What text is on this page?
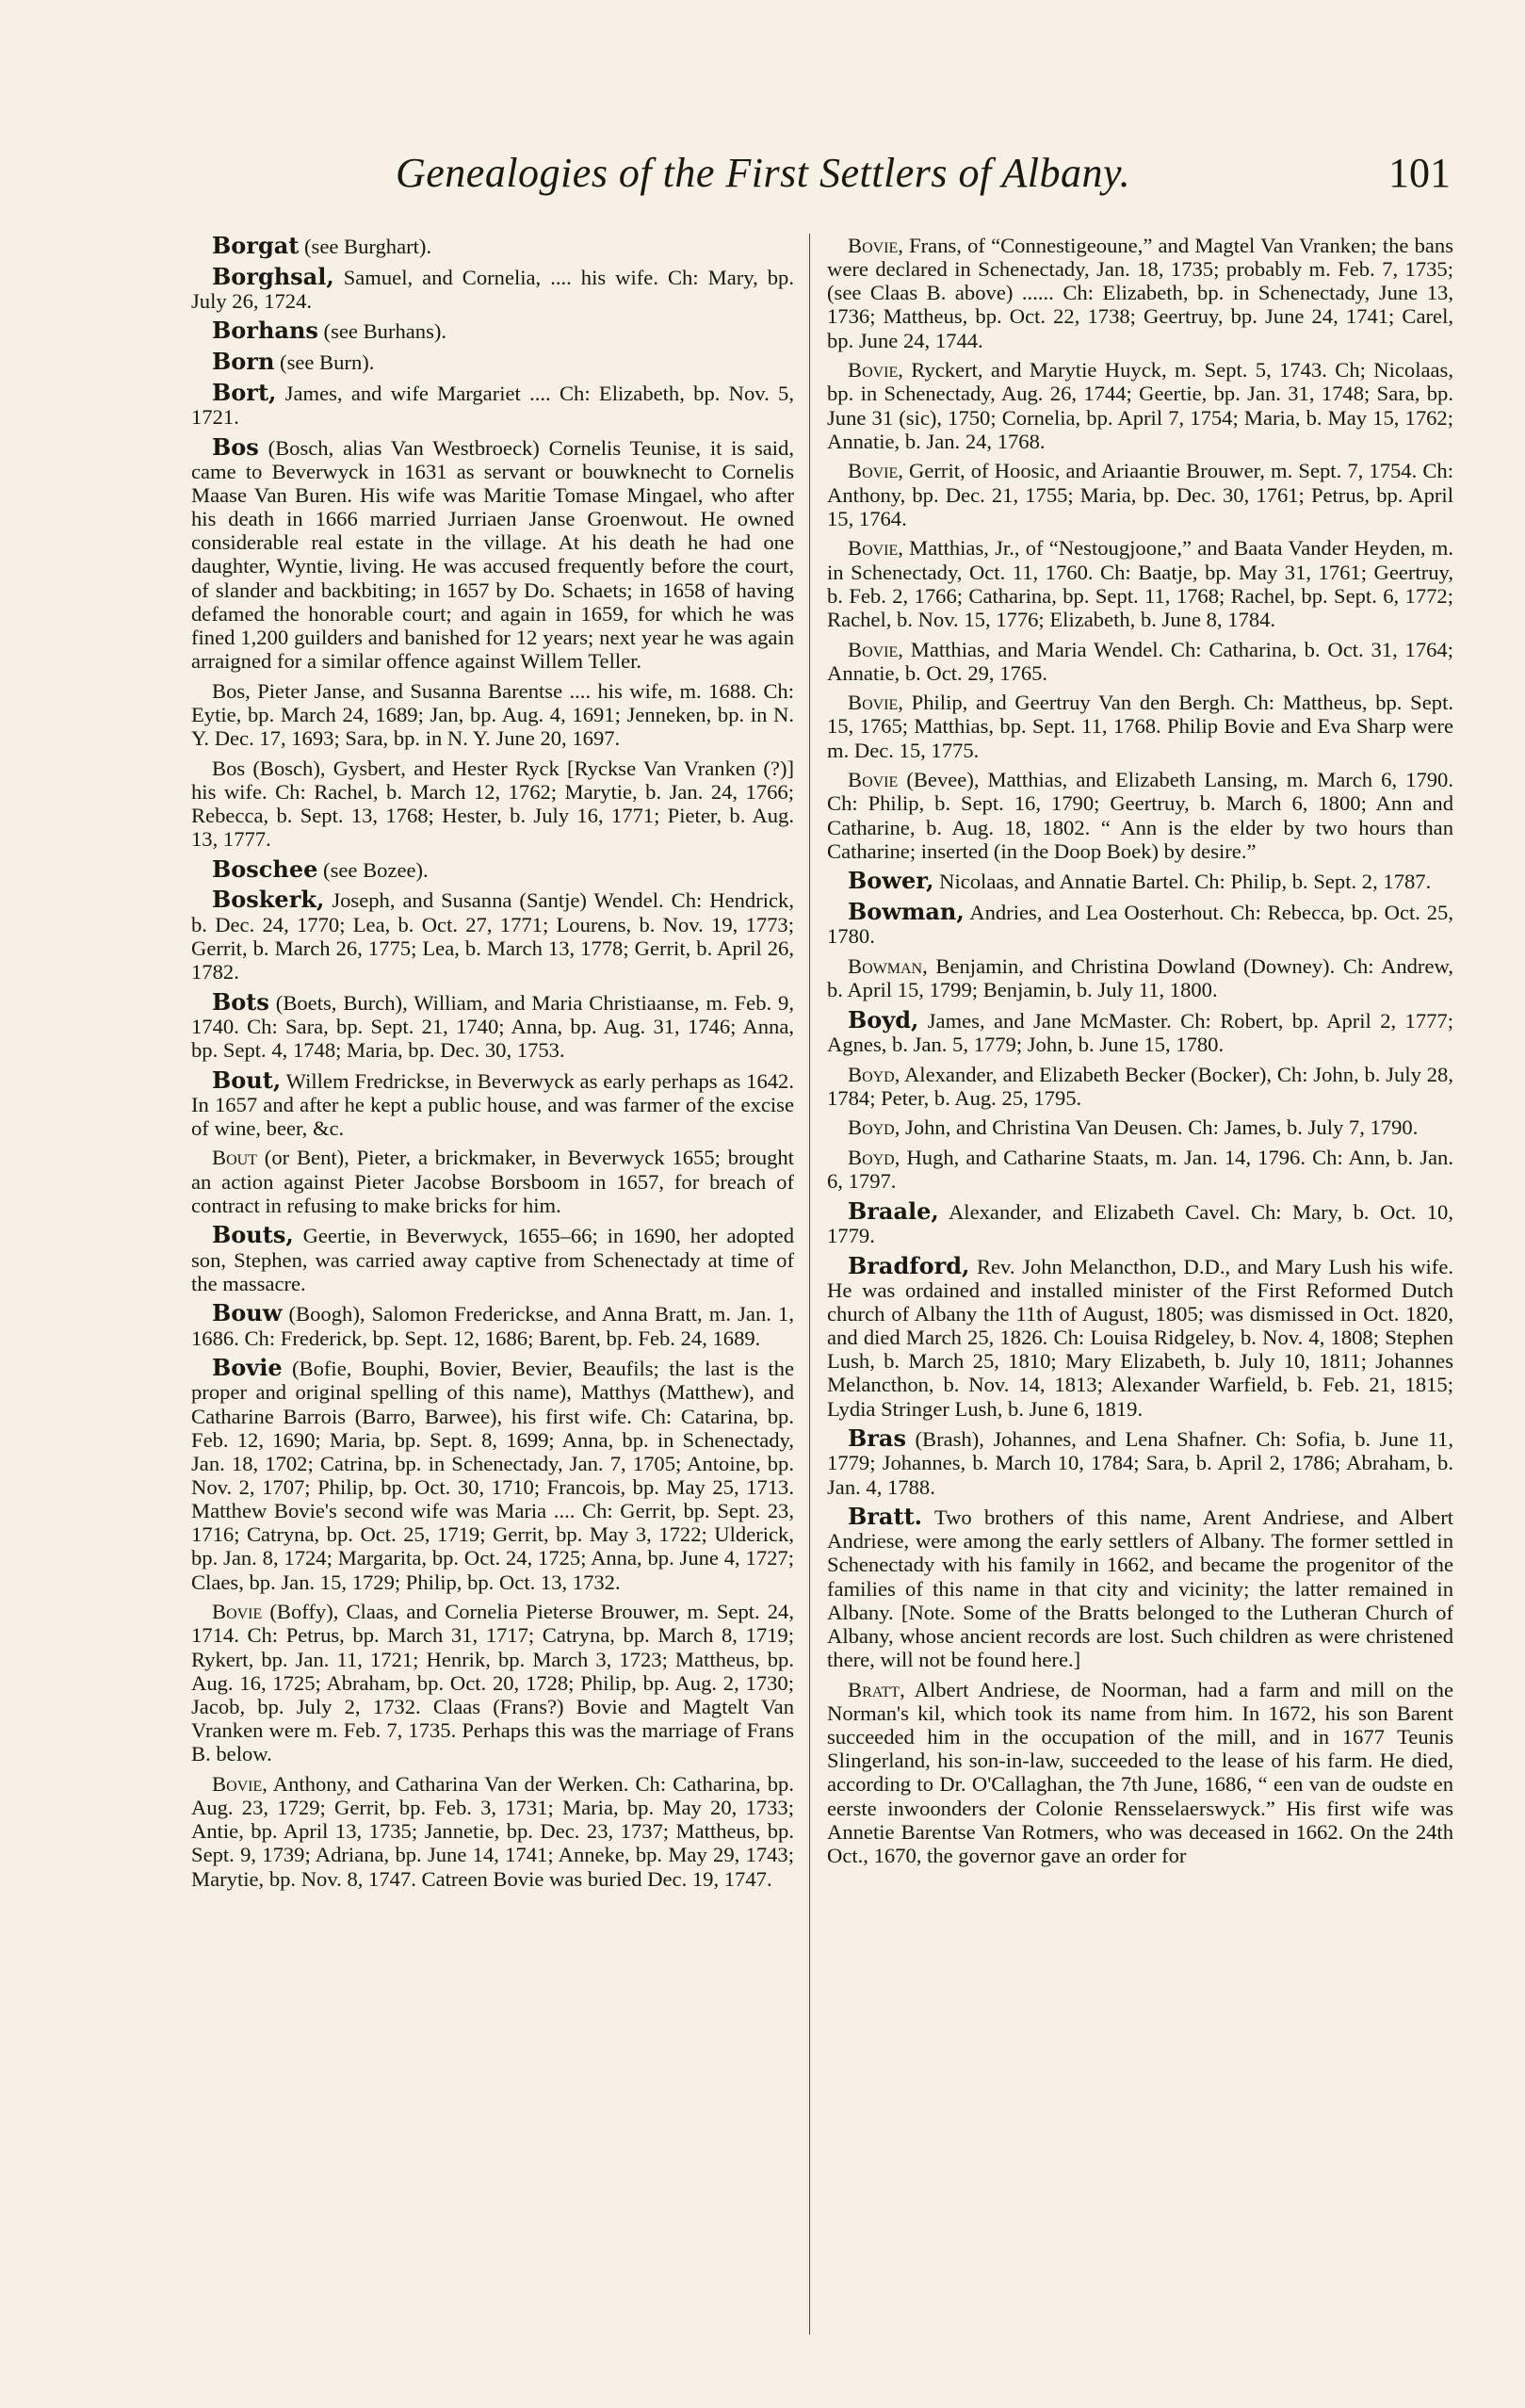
Genealogies of the First Settlers of Albany.	101

Borgat (see Burghart).

Borghsal, Samuel, and Cornelia, .... his wife. Ch: Mary, bp. July 26, 1724.

Borhans (see Burhans).

Born (see Burn).

Bort, James, and wife Margariet .... Ch: Elizabeth, bp. Nov. 5, 1721.

Bos (Bosch, alias Van Westbroeck) Cornelis Teunise, it is said, came to Beverwyck in 1631 as servant or bouwknecht to Cornelis Maase Van Buren. His wife was Maritie Tomase Mingael, who after his death in 1666 married Jurriaen Janse Groenwout. He owned considerable real estate in the village. At his death he had one daughter, Wyntie, living. He was accused frequently before the court, of slander and backbiting; in 1657 by Do. Schaets; in 1658 of having defamed the honorable court; and again in 1659, for which he was fined 1,200 guilders and banished for 12 years; next year he was again arraigned for a similar offence against Willem Teller.

Bos, Pieter Janse, and Susanna Barentse .... his wife, m. 1688. Ch: Eytie, bp. March 24, 1689; Jan, bp. Aug. 4, 1691; Jenneken, bp. in N. Y. Dec. 17, 1693; Sara, bp. in N. Y. June 20, 1697.

Bos (Bosch), Gysbert, and Hester Ryck [Ryckse Van Vranken (?)] his wife. Ch: Rachel, b. March 12, 1762; Marytie, b. Jan. 24, 1766; Rebecca, b. Sept. 13, 1768; Hester, b. July 16, 1771; Pieter, b. Aug. 13, 1777.

Boschee (see Bozee).

Boskerk, Joseph, and Susanna (Santje) Wendel. Ch: Hendrick, b. Dec. 24, 1770; Lea, b. Oct. 27, 1771; Lourens, b. Nov. 19, 1773; Gerrit, b. March 26, 1775; Lea, b. March 13, 1778; Gerrit, b. April 26, 1782.

Bots (Boets, Burch), William, and Maria Christiaanse, m. Feb. 9, 1740. Ch: Sara, bp. Sept. 21, 1740; Anna, bp. Aug. 31, 1746; Anna, bp. Sept. 4, 1748; Maria, bp. Dec. 30, 1753.

Bout, Willem Fredrickse, in Beverwyck as early perhaps as 1642. In 1657 and after he kept a public house, and was farmer of the excise of wine, beer, &c.

Bout (or Bent), Pieter, a brickmaker, in Beverwyck 1655; brought an action against Pieter Jacobse Borsboom in 1657, for breach of contract in refusing to make bricks for him.

Bouts, Geertie, in Beverwyck, 1655–66; in 1690, her adopted son, Stephen, was carried away captive from Schenectady at time of the massacre.

Bouw (Boogh), Salomon Fredericksе, and Anna Bratt, m. Jan. 1, 1686. Ch: Frederick, bp. Sept. 12, 1686; Barent, bp. Feb. 24, 1689.

Bovie (Bofie, Bouphi, Bovier, Bevier, Beaufils; the last is the proper and original spelling of this name), Matthys (Matthew), and Catharine Barrois (Barro, Barwee), his first wife. Ch: Catarina, bp. Feb. 12, 1690; Maria, bp. Sept. 8, 1699; Anna, bp. in Schenectady, Jan. 18, 1702; Catrina, bp. in Schenectady, Jan. 7, 1705; Antoine, bp. Nov. 2, 1707; Philip, bp. Oct. 30, 1710; Francois, bp. May 25, 1713. Matthew Bovie's second wife was Maria .... Ch: Gerrit, bp. Sept. 23, 1716; Catryna, bp. Oct. 25, 1719; Gerrit, bp. May 3, 1722; Ulderick, bp. Jan. 8, 1724; Margarita, bp. Oct. 24, 1725; Anna, bp. June 4, 1727; Claes, bp. Jan. 15, 1729; Philip, bp. Oct. 13, 1732.

Bovie (Boffy), Claas, and Cornelia Pieterse Brouwer, m. Sept. 24, 1714. Ch: Petrus, bp. March 31, 1717; Catryna, bp. March 8, 1719; Rykert, bp. Jan. 11, 1721; Henrik, bp. March 3, 1723; Mattheus, bp. Aug. 16, 1725; Abraham, bp. Oct. 20, 1728; Philip, bp. Aug. 2, 1730; Jacob, bp. July 2, 1732. Claas (Frans?) Bovie and Magtelt Van Vranken were m. Feb. 7, 1735. Perhaps this was the marriage of Frans B. below.

Bovie, Anthony, and Catharina Van der Werken. Ch: Catharina, bp. Aug. 23, 1729; Gerrit, bp. Feb. 3, 1731; Maria, bp. May 20, 1733; Antie, bp. April 13, 1735; Jannetie, bp. Dec. 23, 1737; Mattheus, bp. Sept. 9, 1739; Adriana, bp. June 14, 1741; Anneke, bp. May 29, 1743; Marytie, bp. Nov. 8, 1747. Catreen Bovie was buried Dec. 19, 1747.

Bovie, Frans, of “Connestigeoune,” and Magtel Van Vranken; the bans were declared in Schenectady, Jan. 18, 1735; probably m. Feb. 7, 1735; (see Claas B. above) ...... Ch: Elizabeth, bp. in Schenectady, June 13, 1736; Mattheus, bp. Oct. 22, 1738; Geertruy, bp. June 24, 1741; Carel, bp. June 24, 1744.

Bovie, Ryckert, and Marytie Huyck, m. Sept. 5, 1743. Ch; Nicolaas, bp. in Schenectady, Aug. 26, 1744; Geertie, bp. Jan. 31, 1748; Sara, bp. June 31 (sic), 1750; Cornelia, bp. April 7, 1754; Maria, b. May 15, 1762; Annatie, b. Jan. 24, 1768.

Bovie, Gerrit, of Hoosic, and Ariaantie Brouwer, m. Sept. 7, 1754. Ch: Anthony, bp. Dec. 21, 1755; Maria, bp. Dec. 30, 1761; Petrus, bp. April 15, 1764.

Bovie, Matthias, Jr., of “Nestougjoone,” and Baata Vander Heyden, m. in Schenectady, Oct. 11, 1760. Ch: Baatje, bp. May 31, 1761; Geertruy, b. Feb. 2, 1766; Catharina, bp. Sept. 11, 1768; Rachel, bp. Sept. 6, 1772; Rachel, b. Nov. 15, 1776; Elizabeth, b. June 8, 1784.

Bovie, Matthias, and Maria Wendel. Ch: Catharina, b. Oct. 31, 1764; Annatie, b. Oct. 29, 1765.

Bovie, Philip, and Geertruy Van den Bergh. Ch: Mattheus, bp. Sept. 15, 1765; Matthias, bp. Sept. 11, 1768. Philip Bovie and Eva Sharp were m. Dec. 15, 1775.

Bovie (Bevee), Matthias, and Elizabeth Lansing, m. March 6, 1790. Ch: Philip, b. Sept. 16, 1790; Geertruy, b. March 6, 1800; Ann and Catharine, b. Aug. 18, 1802. “ Ann is the elder by two hours than Catharine; inserted (in the Doop Boek) by desire.”

Bower, Nicolaas, and Annatie Bartel. Ch: Philip, b. Sept. 2, 1787.

Bowman, Andries, and Lea Oosterhout. Ch: Rebecca, bp. Oct. 25, 1780.

Bowman, Benjamin, and Christina Dowland (Downey). Ch: Andrew, b. April 15, 1799; Benjamin, b. July 11, 1800.

Boyd, James, and Jane McMaster. Ch: Robert, bp. April 2, 1777; Agnes, b. Jan. 5, 1779; John, b. June 15, 1780.

Boyd, Alexander, and Elizabeth Becker (Bocker), Ch: John, b. July 28, 1784; Peter, b. Aug. 25, 1795.

Boyd, John, and Christina Van Deusen. Ch: James, b. July 7, 1790.

Boyd, Hugh, and Catharine Staats, m. Jan. 14, 1796. Ch: Ann, b. Jan. 6, 1797.

Braale, Alexander, and Elizabeth Cavel. Ch: Mary, b. Oct. 10, 1779.

Bradford, Rev. John Melancthon, D.D., and Mary Lush his wife. He was ordained and installed minister of the First Reformed Dutch church of Albany the 11th of August, 1805; was dismissed in Oct. 1820, and died March 25, 1826. Ch: Louisa Ridgeley, b. Nov. 4, 1808; Stephen Lush, b. March 25, 1810; Mary Elizabeth, b. July 10, 1811; Johannes Melancthon, b. Nov. 14, 1813; Alexander Warfield, b. Feb. 21, 1815; Lydia Stringer Lush, b. June 6, 1819.

Bras (Brash), Johannes, and Lena Shafner. Ch: Sofia, b. June 11, 1779; Johannes, b. March 10, 1784; Sara, b. April 2, 1786; Abraham, b. Jan. 4, 1788.

Bratt. Two brothers of this name, Arent Andriese, and Albert Andriese, were among the early settlers of Albany. The former settled in Schenectady with his family in 1662, and became the progenitor of the families of this name in that city and vicinity; the latter remained in Albany. [Note. Some of the Bratts belonged to the Lutheran Church of Albany, whose ancient records are lost. Such children as were christened there, will not be found here.]

Bratt, Albert Andriese, de Noorman, had a farm and mill on the Norman's kil, which took its name from him. In 1672, his son Barent succeeded him in the occupation of the mill, and in 1677 Teunis Slingerland, his son-in-law, succeeded to the lease of his farm. He died, according to Dr. O'Callaghan, the 7th June, 1686, “ een van de oudste en eerste inwoonders der Colonie Rensselaerswyck.” His first wife was Annetie Barentse Van Rotmers, who was deceased in 1662. On the 24th Oct., 1670, the governor gave an order for
